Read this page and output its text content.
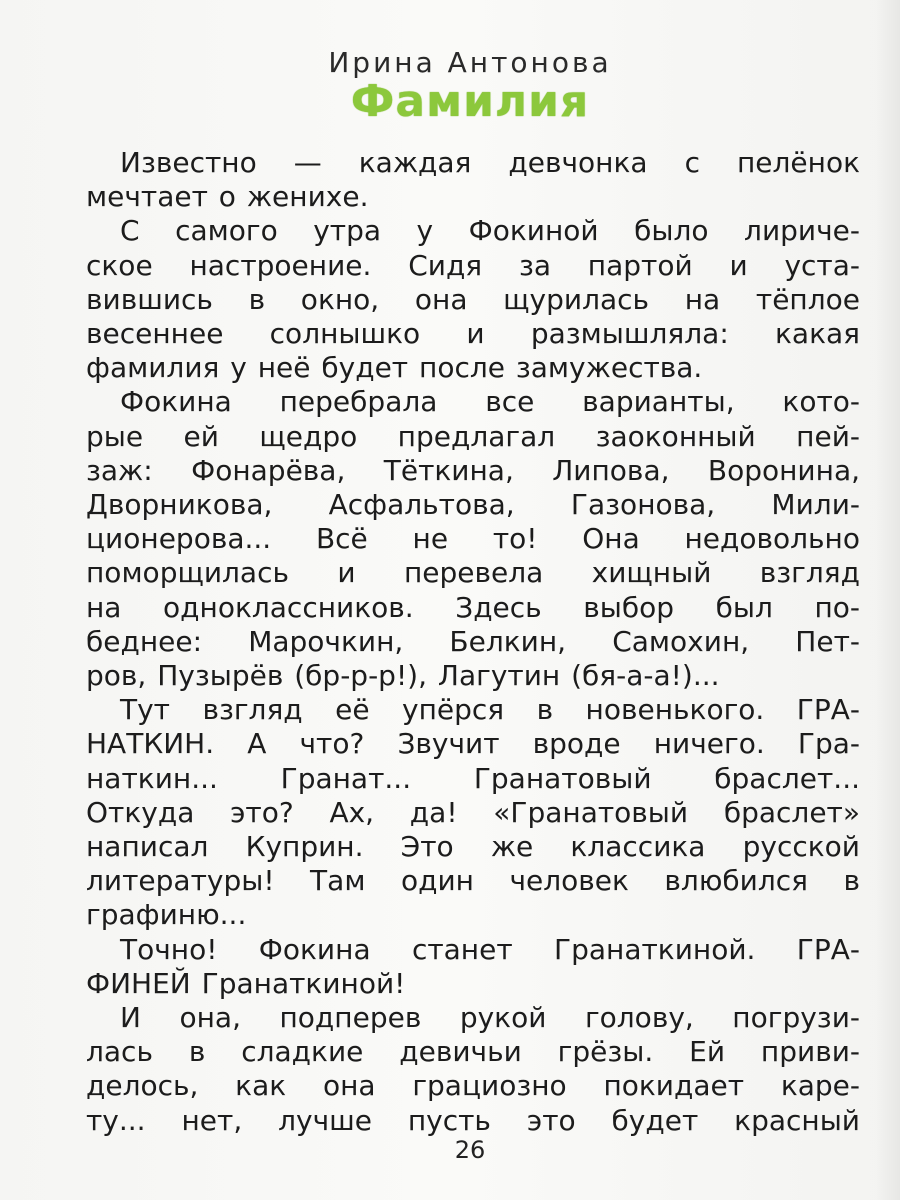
Ирина Антонова
Фамилия

Известно — каждая девчонка с пелёнок
мечтает о женихе.

С самого утра у Фокиной было лириче-
ское настроение. Сидя за партой и уста-
вившись в окно, она щурилась на тёплое
весеннее солнышко и размышляла: какая
фамилия у неё будет после замужества.

Фокина перебрала все варианты, кото-
рые ей щедро предлагал заоконный пей-
заж: Фонарёва, Тёткина, Липова, Воронина,
Дворникова, Асфальтова, Газонова, Мили-
ционерова... Всё не то! Она недовольно
поморщилась и перевела хищный взгляд
на одноклассников. Здесь выбор был по-
беднее: Марочкин, Белкин, Самохин, Пет-
ров, Пузырёв (бр-р-р!), Лагутин (бя-а-а!)...

Тут взгляд её упёрся в новенького. ГРА-
НАТКИН. А что? Звучит вроде ничего. Гра-
наткин... Гранат... Гранатовый браслет...
Откуда это? Ах, да! «Гранатовый браслет»
написал Куприн. Это же классика русской
литературы! Там один человек влюбился в
графиню...

Точно! Фокина станет Гранаткиной. ГРА-
ФИНЕЙ Гранаткиной!

И она, подперев рукой голову, погрузи-
лась в сладкие девичьи грёзы. Ей приви-
делось, как она грациозно покидает каре-
ту... нет, лучше пусть это будет красный

26
